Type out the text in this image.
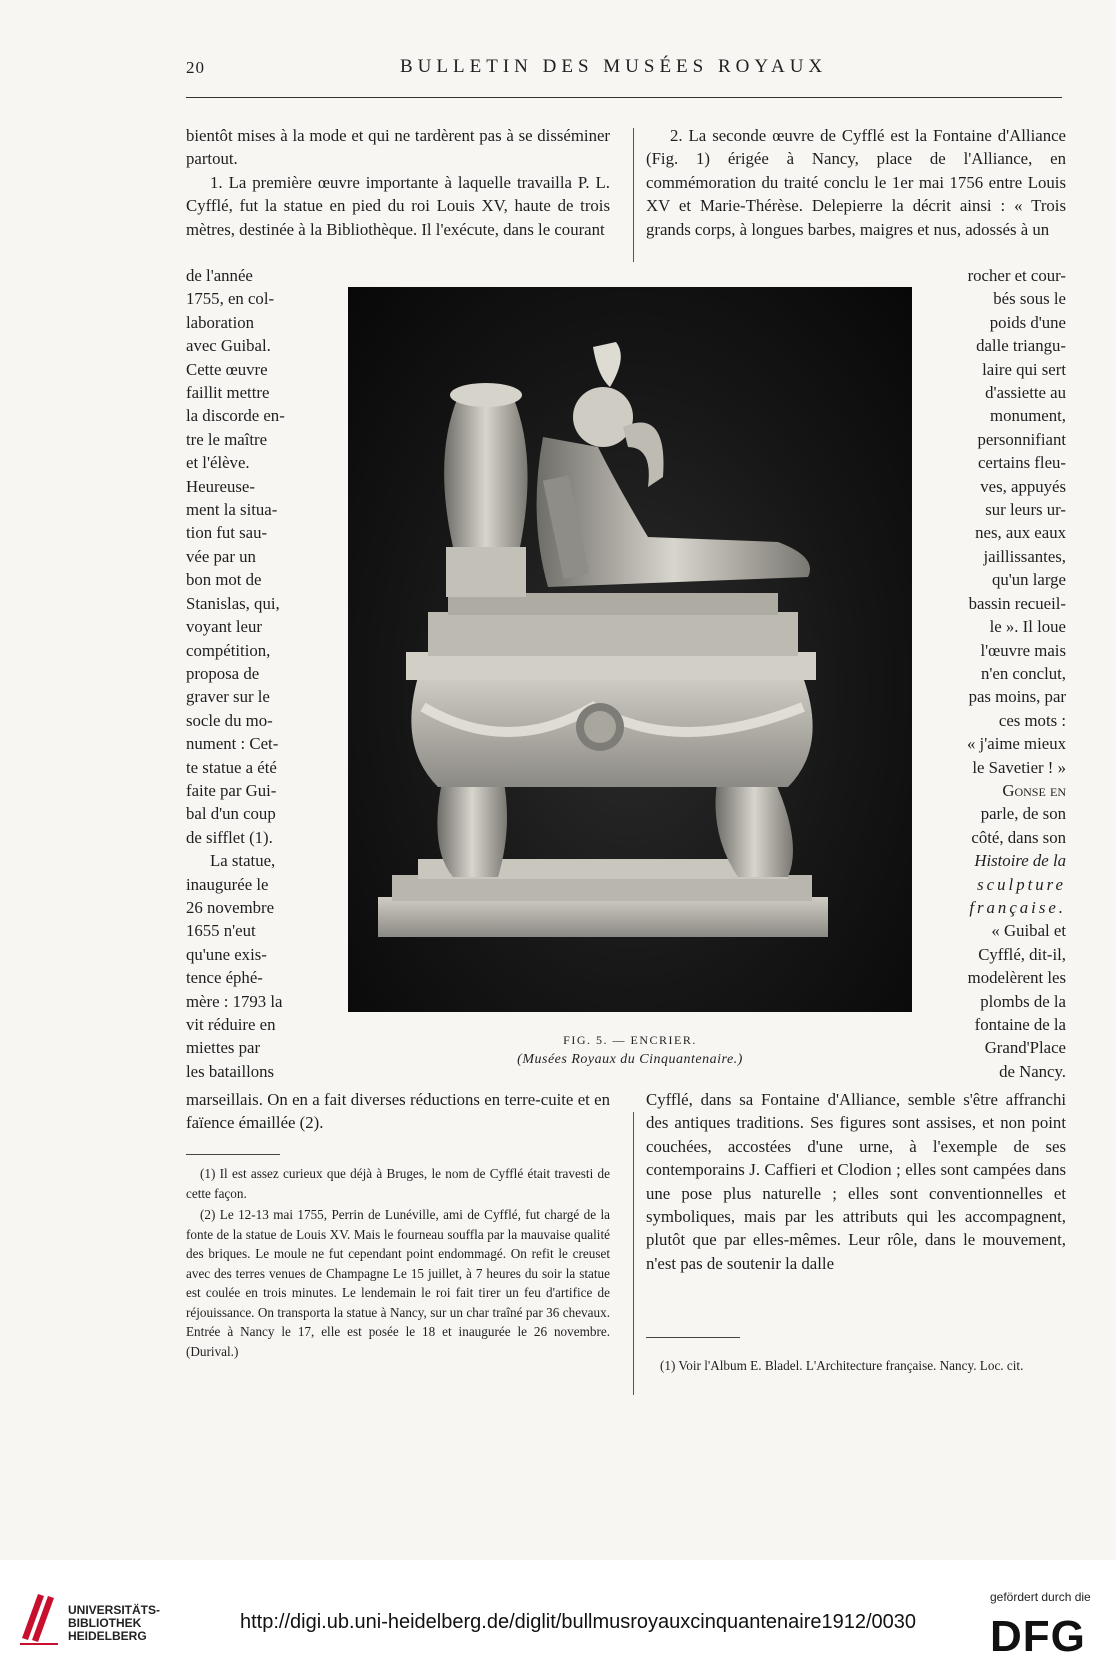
20	BULLETIN DES MUSÉES ROYAUX

bientôt mises à la mode et qui ne tardèrent pas à se disséminer partout.

1. La première œuvre importante à laquelle travailla P. L. Cyfflé, fut la statue en pied du roi Louis XV, haute de trois mètres, destinée à la Bibliothèque. Il l'exécute, dans le courant

2. La seconde œuvre de Cyfflé est la Fontaine d'Alliance (Fig. 1) érigée à Nancy, place de l'Alliance, en commémoration du traité conclu le 1er mai 1756 entre Louis XV et Marie-Thérèse. Delepierre la décrit ainsi : « Trois grands corps, à longues barbes, maigres et nus, adossés à un

de l'année
1755, en col-
laboration
avec Guibal.
Cette œuvre
faillit mettre
la discorde en-
tre le maître
et l'élève.
Heureuse-
ment la situa-
tion fut sau-
vée par un
bon mot de
Stanislas, qui,
voyant leur
compétition,
proposa de
graver sur le
socle du mo-
nument : Cet-
te statue a été
faite par Gui-
bal d'un coup
de sifflet (1).
La statue,
inaugurée le
26 novembre
1655 n'eut
qu'une exis-
tence éphé-
mère : 1793 la
vit réduire en
miettes par
les bataillons
rocher et cour-
bés sous le
poids d'une
dalle triangu-
laire qui sert
d'assiette au
monument,
personnifiant
certains fleu-
ves, appuyés
sur leurs ur-
nes, aux eaux
jaillissantes,
qu'un large
bassin recueil-
le ». Il loue
l'œuvre mais
n'en conclut,
pas moins, par
ces mots :
« j'aime mieux
le Savetier ! »
Gonse en
parle, de son
côté, dans son
Histoire de la
sculpture
française.
« Guibal et
Cyfflé, dit-il,
modelèrent les
plombs de la
fontaine de la
Grand'Place
de Nancy.
FIG. 5. — ENCRIER.
(Musées Royaux du Cinquantenaire.)

marseillais. On en a fait diverses réductions en terre-cuite et en faïence émaillée (2).

Cyfflé, dans sa Fontaine d'Alliance, semble s'être affranchi des antiques traditions. Ses figures sont assises, et non point couchées, accostées d'une urne, à l'exemple de ses contemporains J. Caffieri et Clodion ; elles sont campées dans une pose plus naturelle ; elles sont conventionnelles et symboliques, mais par les attributs qui les accompagnent, plutôt que par elles-mêmes. Leur rôle, dans le mouvement, n'est pas de soutenir la dalle

(1) Il est assez curieux que déjà à Bruges, le nom de Cyfflé était travesti de cette façon.

(2) Le 12-13 mai 1755, Perrin de Lunéville, ami de Cyfflé, fut chargé de la fonte de la statue de Louis XV. Mais le fourneau souffla par la mauvaise qualité des briques. Le moule ne fut cependant point endommagé. On refit le creuset avec des terres venues de Champagne Le 15 juillet, à 7 heures du soir la statue est coulée en trois minutes. Le lendemain le roi fait tirer un feu d'artifice de réjouissance. On transporta la statue à Nancy, sur un char traîné par 36 chevaux. Entrée à Nancy le 17, elle est posée le 18 et inaugurée le 26 novembre. (Durival.)

(1) Voir l'Album E. Bladel. L'Architecture française. Nancy. Loc. cit.

UNIVERSITÄTS-
BIBLIOTHEK
HEIDELBERG
http://digi.ub.uni-heidelberg.de/diglit/bullmusroyauxcinquantenaire1912/0030
gefördert durch die
DFG
